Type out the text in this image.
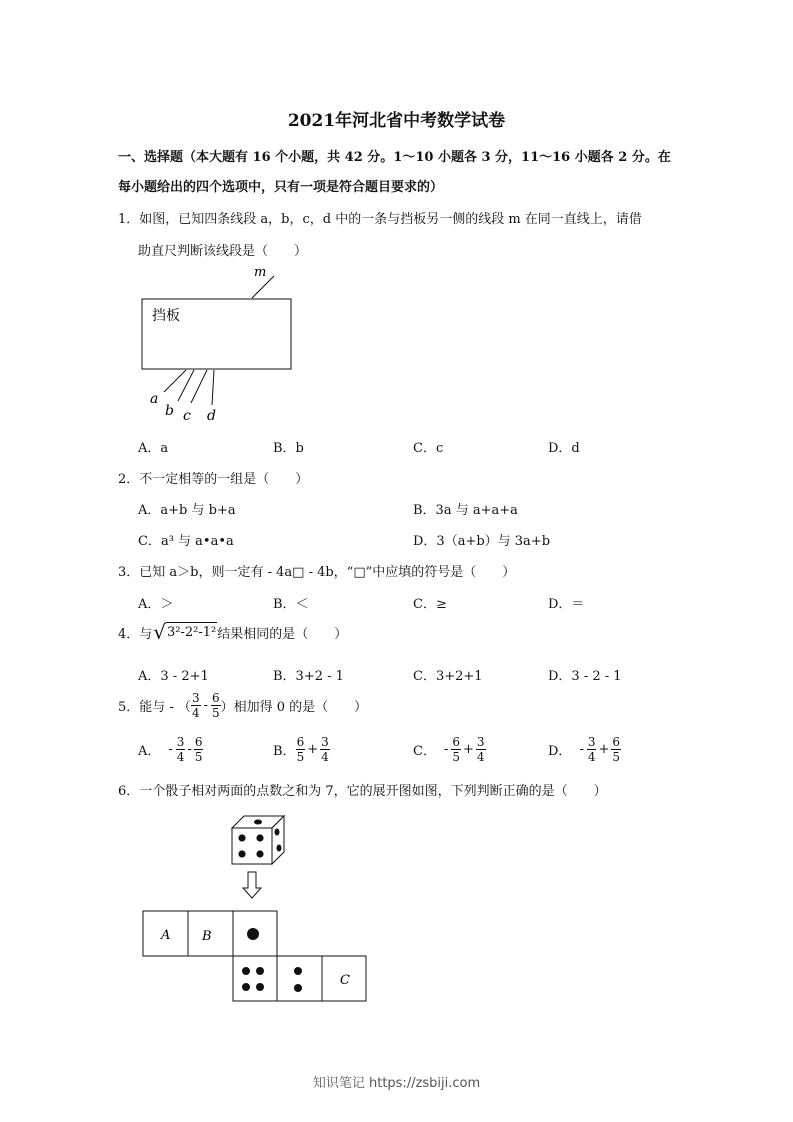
2021年河北省中考数学试卷
一、选择题（本大题有 16 个小题，共 42 分。1～10 小题各 3 分，11～16 小题各 2 分。在
每小题给出的四个选项中，只有一项是符合题目要求的）
1．如图，已知四条线段 a，b，c，d 中的一条与挡板另一侧的线段 m 在同一直线上，请借
助直尺判断该线段是（　　）
挡板
m
a
b c d
A．a	B．b	C．c	D．d
2．不一定相等的一组是（　　）
A．a+b 与 b+a	B．3a 与 a+a+a
C．a³ 与 a•a•a	D．3（a+b）与 3a+b
3．已知 a＞b，则一定有 - 4a□ - 4b，“□”中应填的符号是（　　）
A．＞	B．＜	C．≥	D．＝
4．与 √ 3²-2²-1² 结果相同的是（　　）
A．3 - 2+1	B．3+2 - 1	C．3+2+1	D．3 - 2 - 1
5．能与 - （ $\frac{3}{4} - \frac{6}{5}$ ）相加得 0 的是（　　）
A． - $\frac{3}{4} - \frac{6}{5}$	B． $\frac{6}{5} + \frac{3}{4}$	C． - $\frac{6}{5} + \frac{3}{4}$	D． - $\frac{3}{4} + \frac{6}{5}$
6．一个骰子相对两面的点数之和为 7，它的展开图如图，下列判断正确的是（　　）
A B
C
知识笔记 https://zsbiji.com
